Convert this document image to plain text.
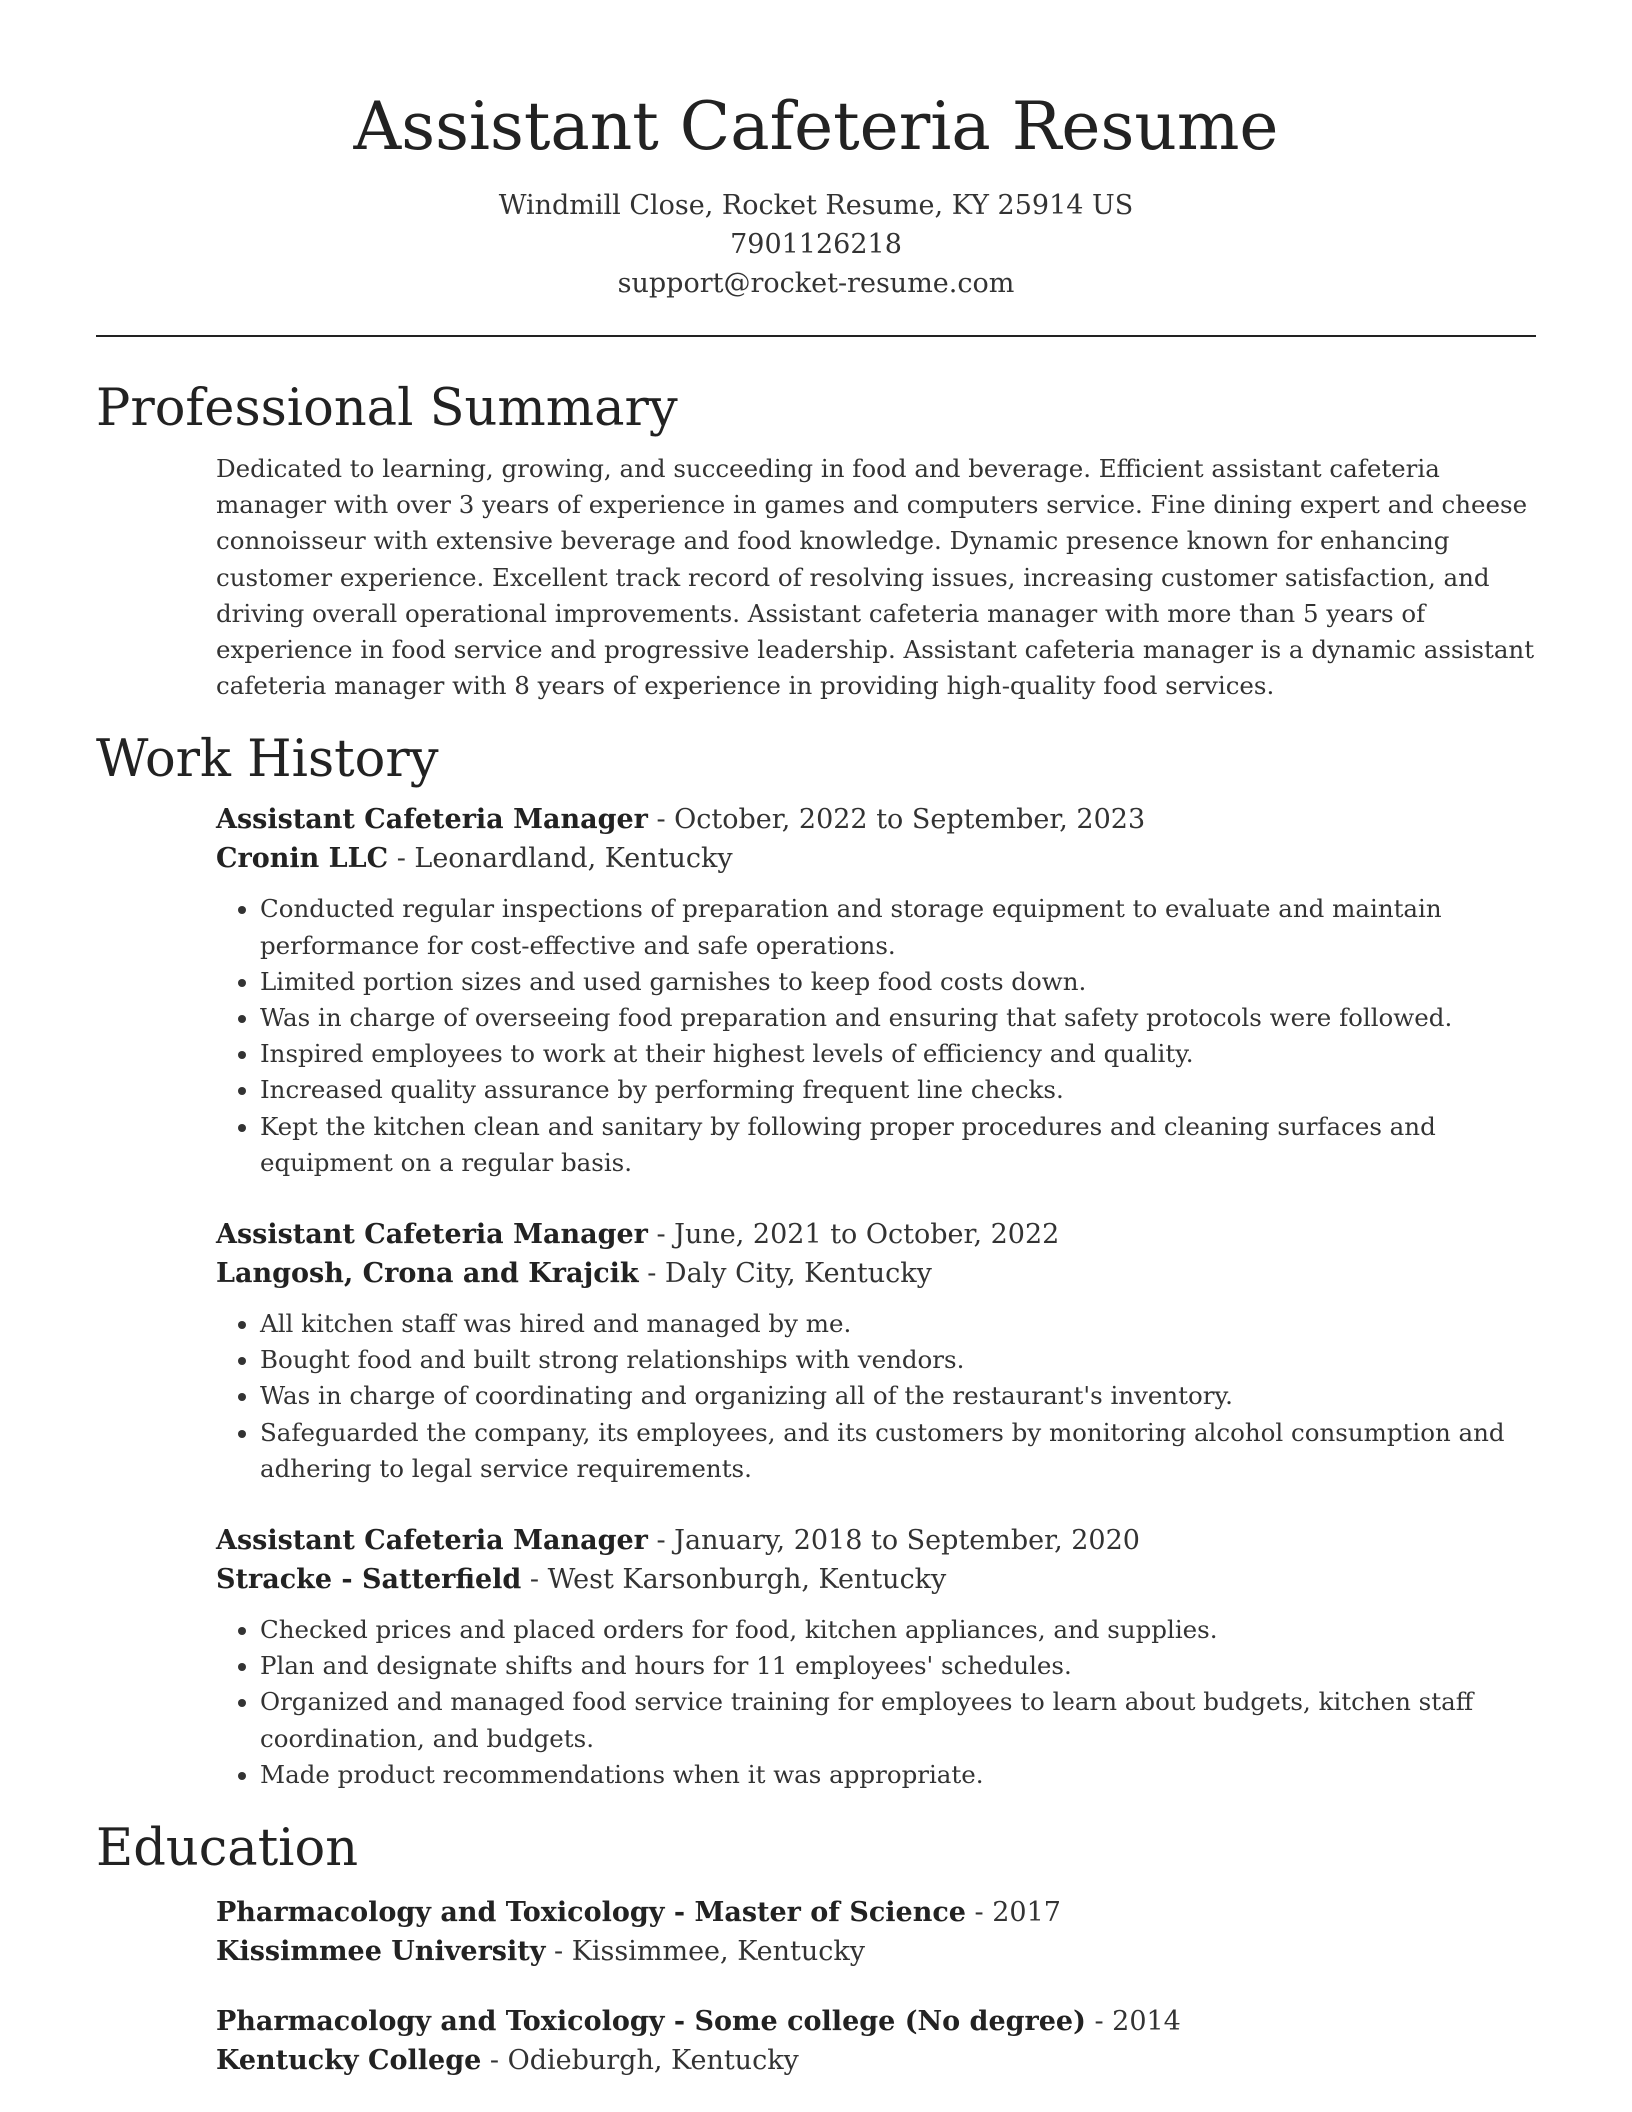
Assistant Cafeteria Resume
Windmill Close, Rocket Resume, KY 25914 US
7901126218
support@rocket-resume.com
Professional Summary

Dedicated to learning, growing, and succeeding in food and beverage. Efficient assistant cafeteria manager with over 3 years of experience in games and computers service. Fine dining expert and cheese connoisseur with extensive beverage and food knowledge. Dynamic presence known for enhancing customer experience. Excellent track record of resolving issues, increasing customer satisfaction, and driving overall operational improvements. Assistant cafeteria manager with more than 5 years of experience in food service and progressive leadership. Assistant cafeteria manager is a dynamic assistant cafeteria manager with 8 years of experience in providing high-quality food services.

Work History
Assistant Cafeteria Manager - October, 2022 to September, 2023
Cronin LLC - Leonardland, Kentucky
• Conducted regular inspections of preparation and storage equipment to evaluate and maintain performance for cost-effective and safe operations.
• Limited portion sizes and used garnishes to keep food costs down.
• Was in charge of overseeing food preparation and ensuring that safety protocols were followed.
• Inspired employees to work at their highest levels of efficiency and quality.
• Increased quality assurance by performing frequent line checks.
• Kept the kitchen clean and sanitary by following proper procedures and cleaning surfaces and equipment on a regular basis.
Assistant Cafeteria Manager - June, 2021 to October, 2022
Langosh, Crona and Krajcik - Daly City, Kentucky
• All kitchen staff was hired and managed by me.
• Bought food and built strong relationships with vendors.
• Was in charge of coordinating and organizing all of the restaurant's inventory.
• Safeguarded the company, its employees, and its customers by monitoring alcohol consumption and adhering to legal service requirements.
Assistant Cafeteria Manager - January, 2018 to September, 2020
Stracke - Satterfield - West Karsonburgh, Kentucky
• Checked prices and placed orders for food, kitchen appliances, and supplies.
• Plan and designate shifts and hours for 11 employees' schedules.
• Organized and managed food service training for employees to learn about budgets, kitchen staff coordination, and budgets.
• Made product recommendations when it was appropriate.
Education
Pharmacology and Toxicology - Master of Science - 2017
Kissimmee University - Kissimmee, Kentucky
Pharmacology and Toxicology - Some college (No degree) - 2014
Kentucky College - Odieburgh, Kentucky
